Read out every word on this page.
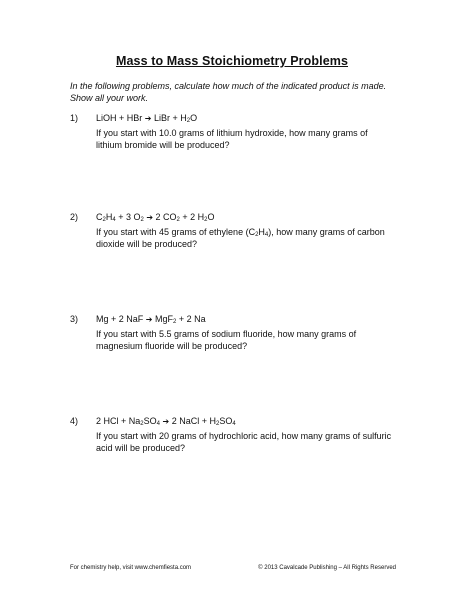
Mass to Mass Stoichiometry Problems
In the following problems, calculate how much of the indicated product is made. Show all your work.
1) LiOH + HBr ➔ LiBr + $H_2O$
If you start with 10.0 grams of lithium hydroxide, how many grams of lithium bromide will be produced?
2) $C_2H_4 + 3$ $O_2$ ➔ 2 $CO_2 + 2$ $H_2O$
If you start with 45 grams of ethylene $(C_2H_4)$, how many grams of carbon dioxide will be produced?
3) Mg + 2 NaF ➔ MgF$_2$ + 2 Na
If you start with 5.5 grams of sodium fluoride, how many grams of magnesium fluoride will be produced?
4) 2 HCl + $Na_2SO_4$ ➔ 2 NaCl + $H_2SO_4$
If you start with 20 grams of hydrochloric acid, how many grams of sulfuric acid will be produced?
For chemistry help, visit www.chemfiesta.com	© 2013 Cavalcade Publishing – All Rights Reserved
